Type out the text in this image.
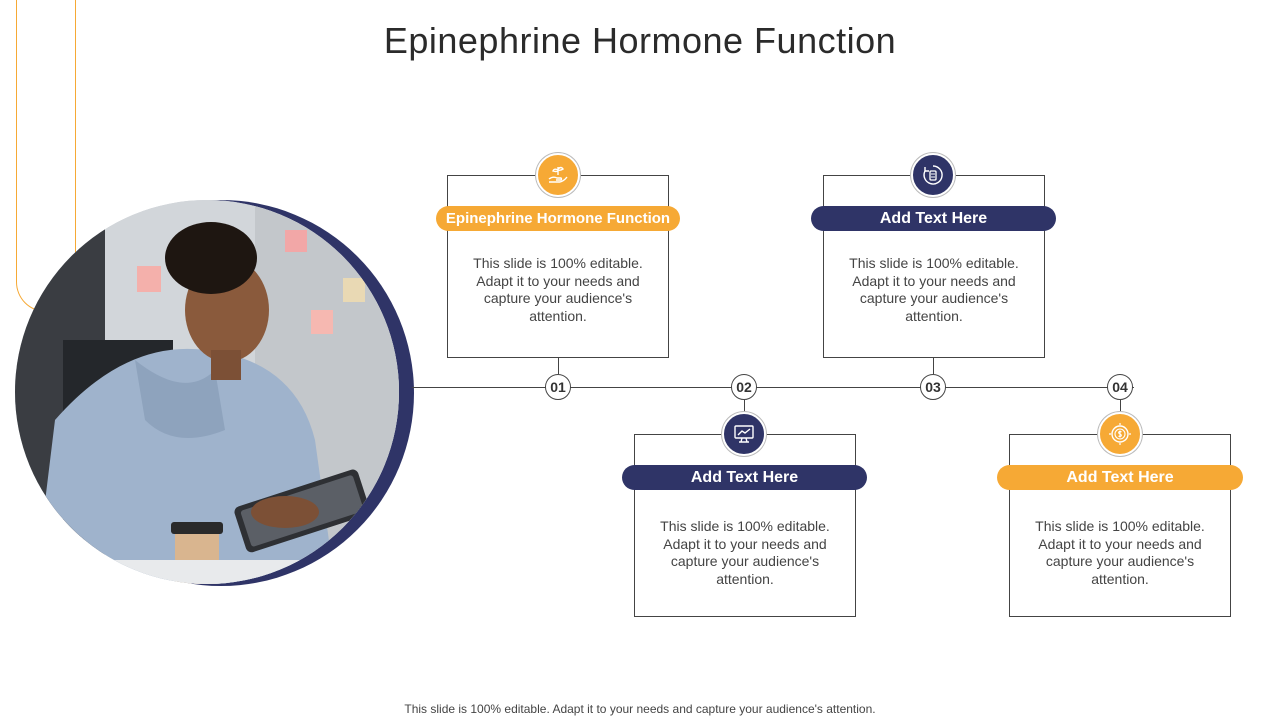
Epinephrine Hormone Function
Epinephrine Hormone Function
This slide is 100% editable. Adapt it to your needs and capture your audience's attention.
01
Add Text Here
This slide is 100% editable. Adapt it to your needs and capture your audience's attention.
02
Add Text Here
This slide is 100% editable. Adapt it to your needs and capture your audience's attention.
03
Add Text Here
This slide is 100% editable. Adapt it to your needs and capture your audience's attention.
04
This slide is 100% editable. Adapt it to your needs and capture your audience's attention.
